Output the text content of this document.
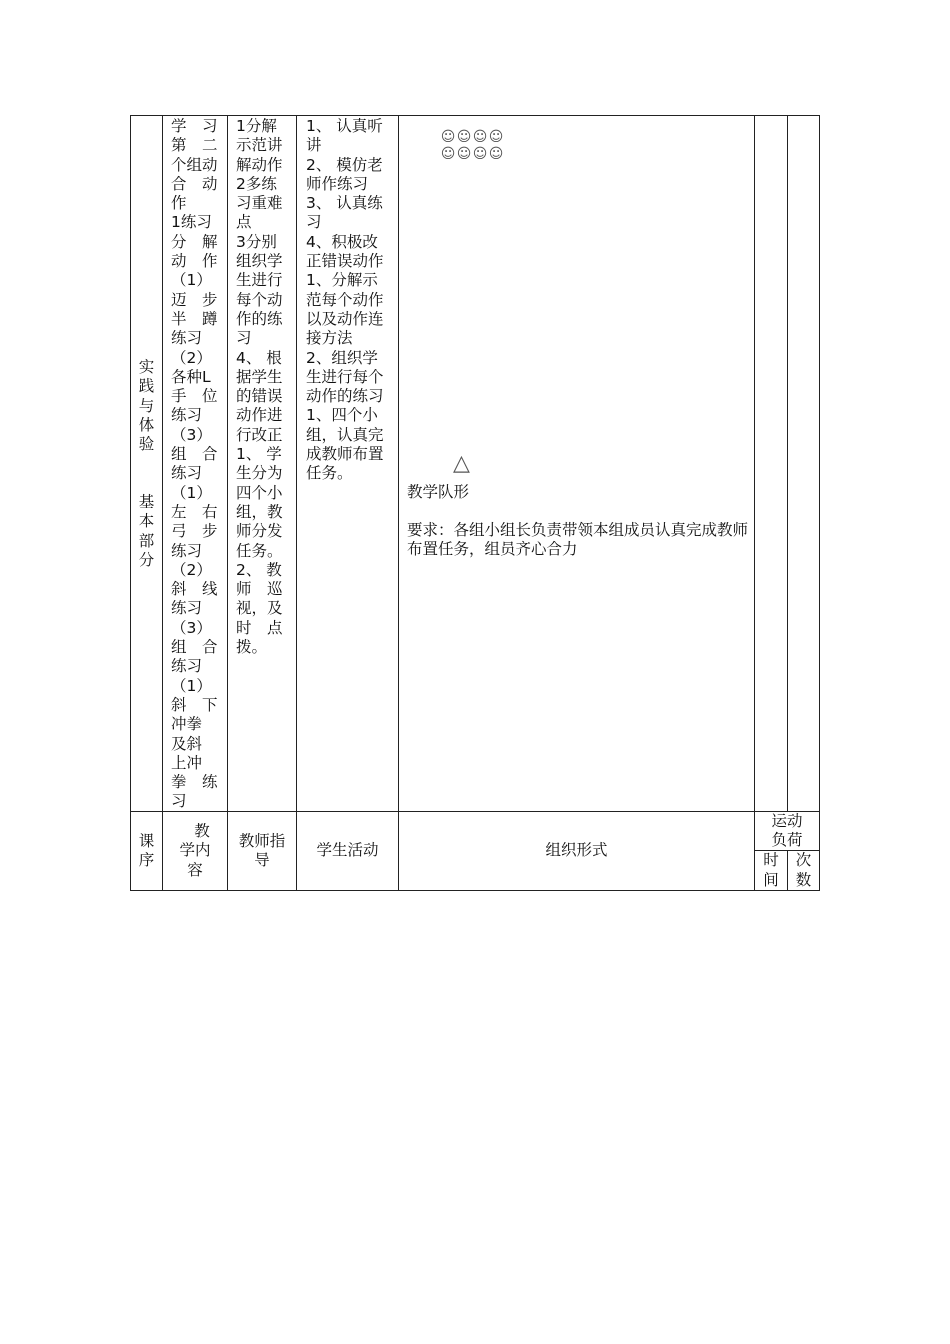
实
践
与
体
验
基
本
部
分
学　习
第　二
个组动
合　动
作
1练习
分　解
动　作
（1）
迈　步
半　蹲
练习
（2）
各种L
手　位
练习
（3）
组　合
练习
（1）
左　右
弓　步
练习
（2）
斜　线
练习
（3）
组　合
练习
（1）
斜　下
冲拳
及斜
上冲
拳　练
习
1分解
示范讲
解动作
2多练
习重难
点
3分别
组织学
生进行
每个动
作的练
习
4、 根
据学生
的错误
动作进
行改正
1、 学
生分为
四个小
组，教
师分发
任务。
2、 教
师　巡
视，及
时　点
拨。
1、 认真听
讲
2、 模仿老
师作练习
3、 认真练
习
4、积极改
正错误动作
1、分解示
范每个动作
以及动作连
接方法
2、组织学
生进行每个
动作的练习
1、四个小
组，认真完
成教师布置
任务。
☺☺☺☺
☺☺☺☺
△
教学队形
要求：各组小组长负责带领本组成员认真完成教师布置任务，组员齐心合力
课
序
教
学内
容
教师指
导
学生活动	组织形式
运动
负荷
时
间
次
数
